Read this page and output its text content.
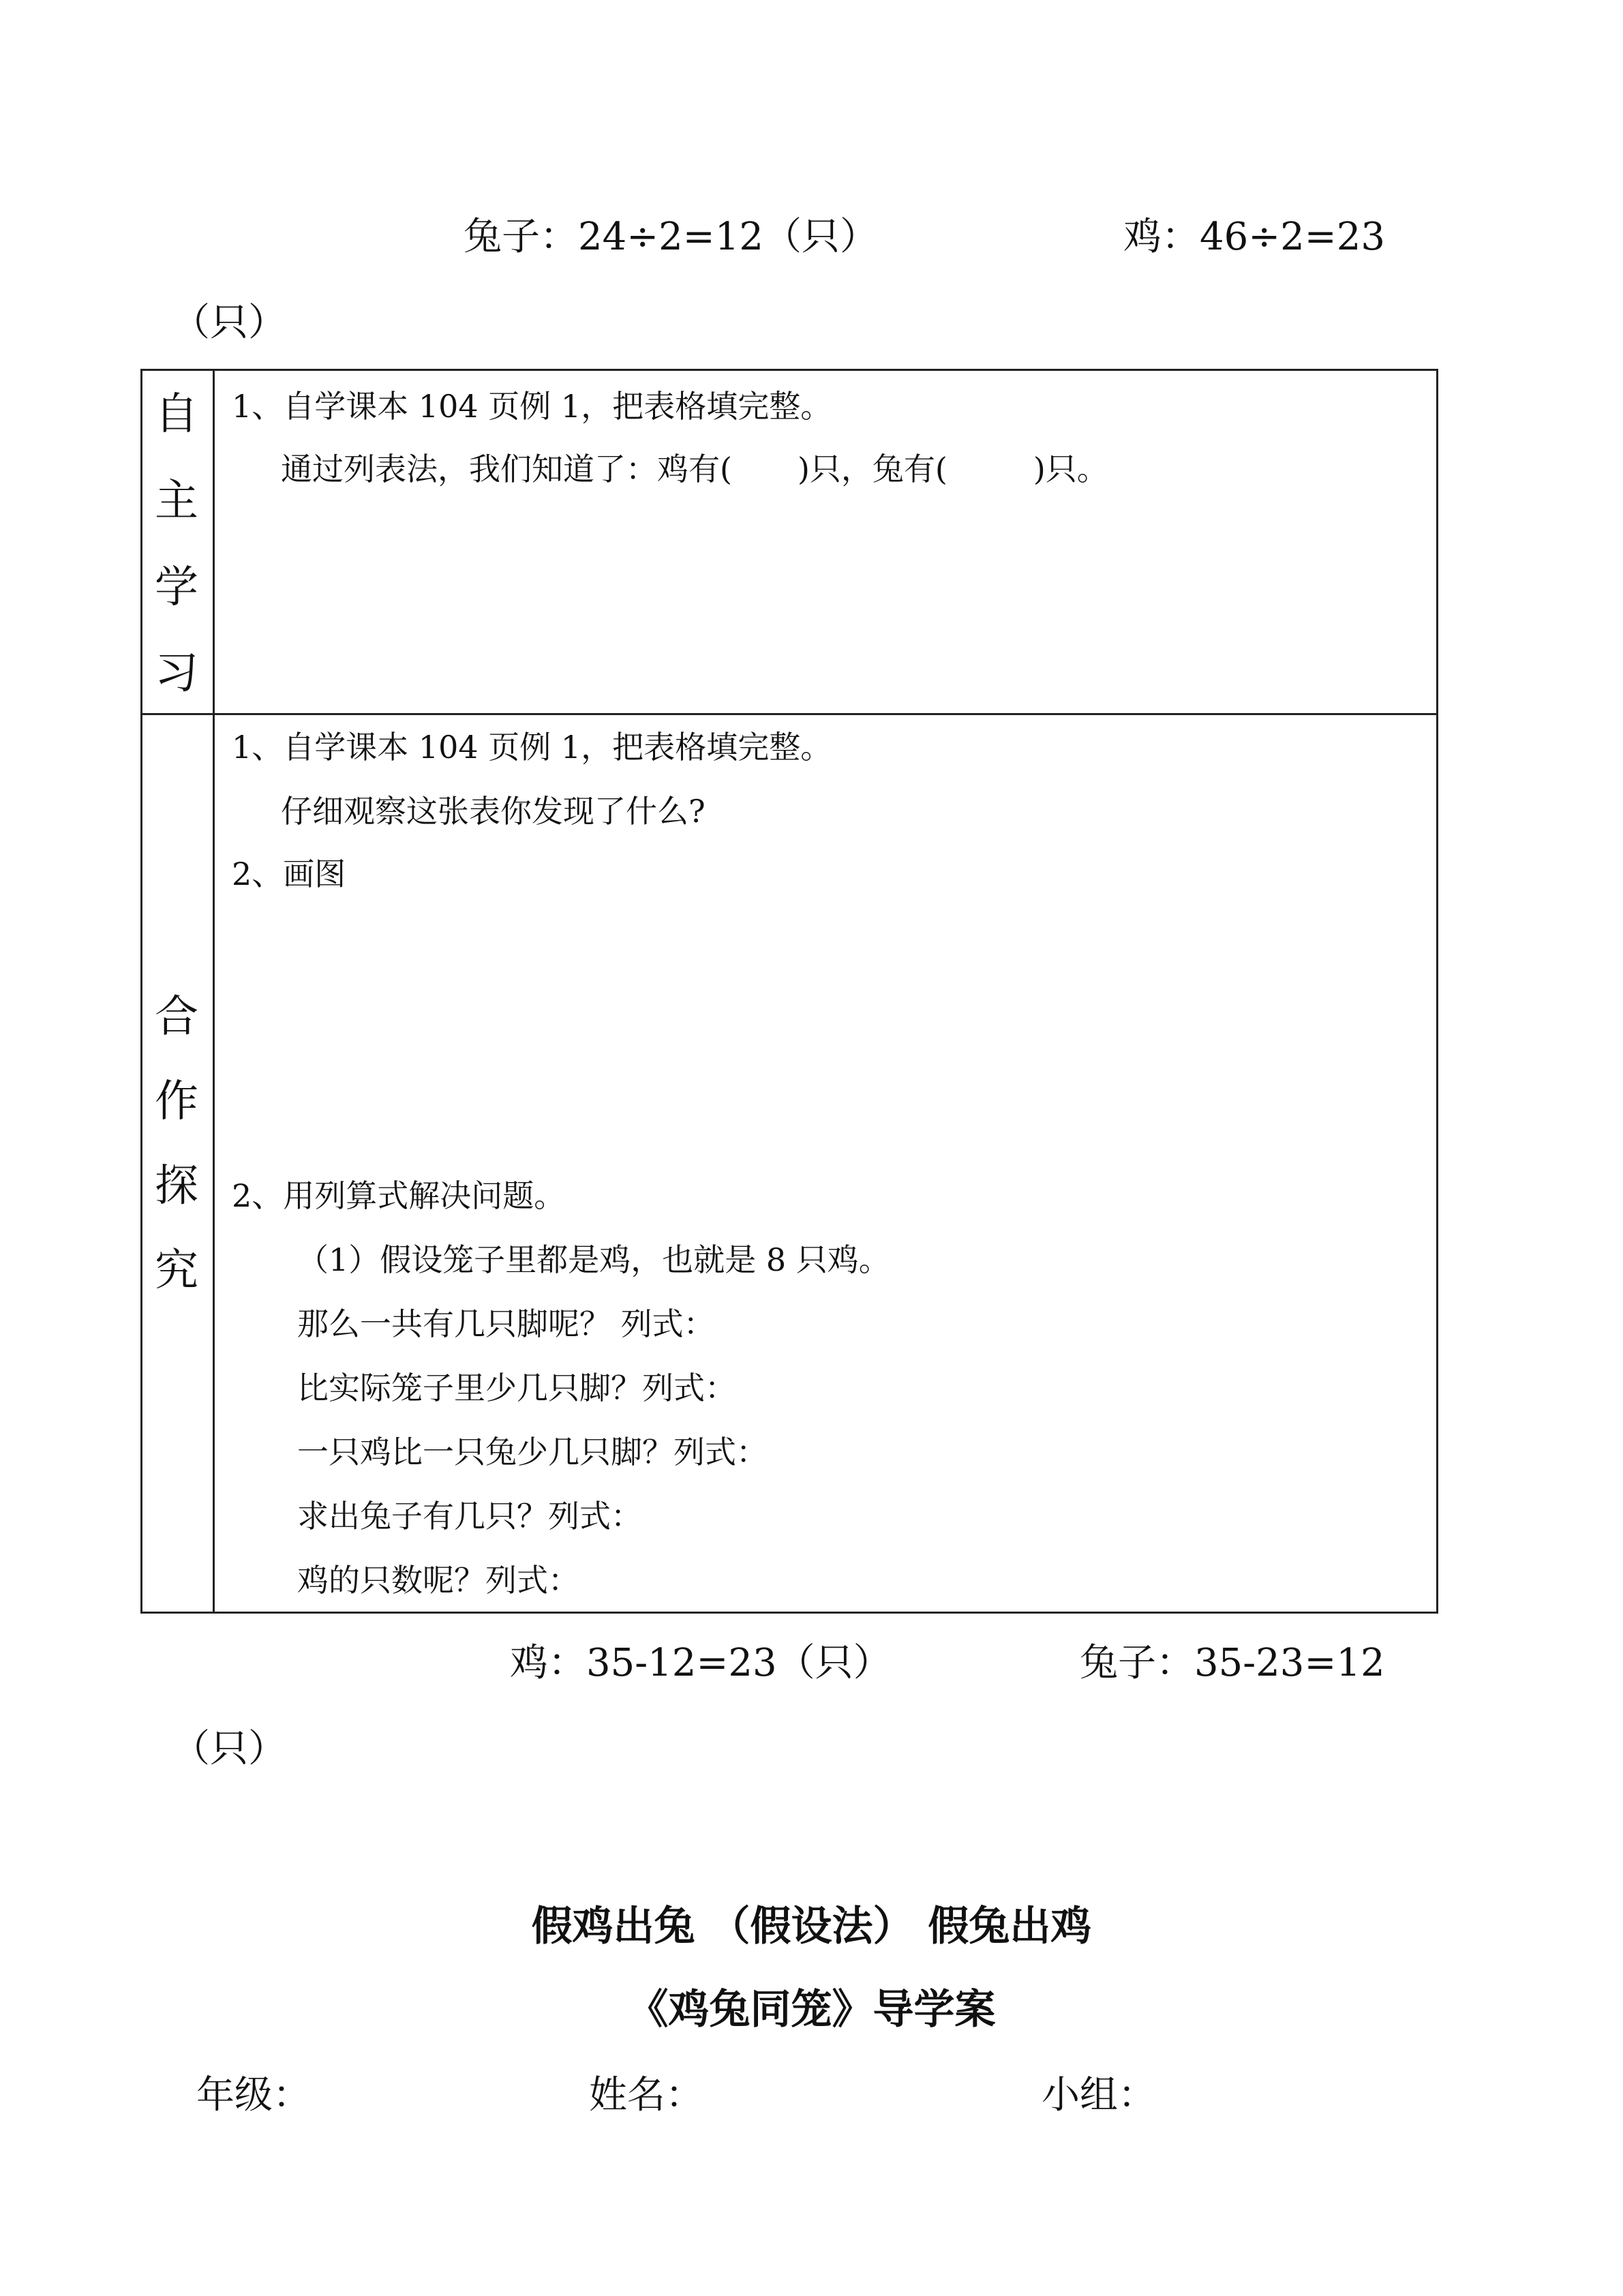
兔子：24÷2=12（只）	鸡：46÷2=23
（只）
自
主
学
习
1、自学课本 104 页例 1，把表格填完整。
通过列表法，我们知道了：鸡有( )只，兔有(	)只。
合
作
探
究
1、自学课本 104 页例 1，把表格填完整。
仔细观察这张表你发现了什么?
2、画图
2、用列算式解决问题。
（1）假设笼子里都是鸡，也就是 8 只鸡。
那么一共有几只脚呢？ 列式：
比实际笼子里少几只脚？列式：
一只鸡比一只兔少几只脚？列式：
求出兔子有几只？列式：
鸡的只数呢？列式：
鸡：35-12=23（只）	兔子：35-23=12
（只）
假鸡出兔 （假设法） 假兔出鸡
《鸡兔同笼》导学案
年级：	姓名：	小组：
